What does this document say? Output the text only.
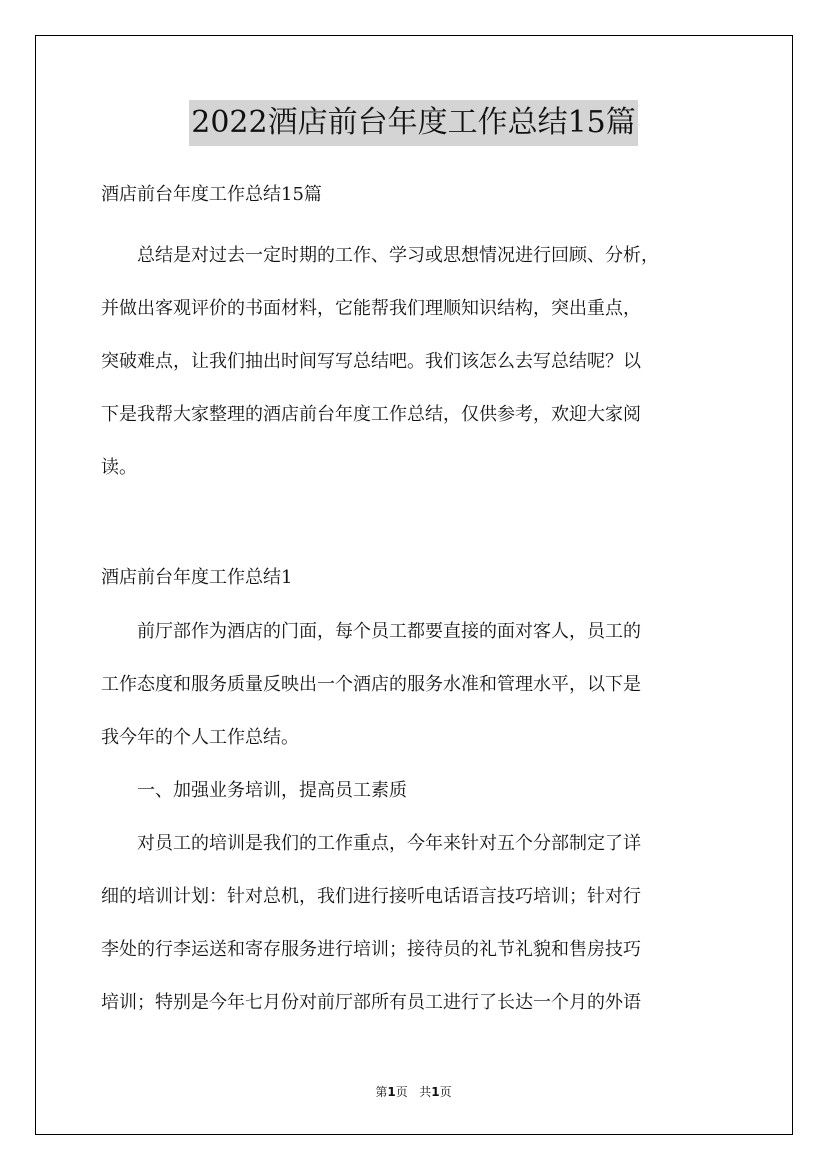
2022酒店前台年度工作总结15篇

酒店前台年度工作总结15篇

总结是对过去一定时期的工作、学习或思想情况进行回顾、分析，

并做出客观评价的书面材料，它能帮我们理顺知识结构，突出重点，

突破难点，让我们抽出时间写写总结吧。我们该怎么去写总结呢？以

下是我帮大家整理的酒店前台年度工作总结，仅供参考，欢迎大家阅

读。

酒店前台年度工作总结1

前厅部作为酒店的门面，每个员工都要直接的面对客人，员工的

工作态度和服务质量反映出一个酒店的服务水准和管理水平，以下是

我今年的个人工作总结。

一、加强业务培训，提高员工素质

对员工的培训是我们的工作重点，今年来针对五个分部制定了详

细的培训计划：针对总机，我们进行接听电话语言技巧培训；针对行

李处的行李运送和寄存服务进行培训；接待员的礼节礼貌和售房技巧

培训；特别是今年七月份对前厅部所有员工进行了长达一个月的外语

第1页 共1页
